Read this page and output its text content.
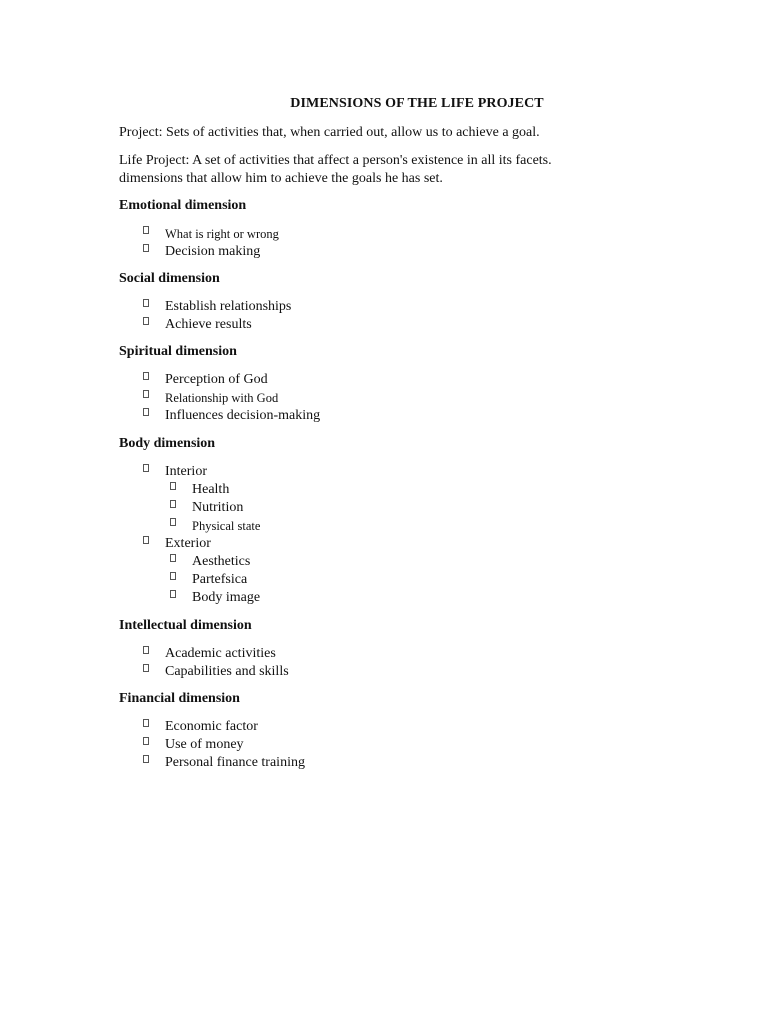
DIMENSIONS OF THE LIFE PROJECT
Project: Sets of activities that, when carried out, allow us to achieve a goal.
Life Project: A set of activities that affect a person's existence in all its facets.
dimensions that allow him to achieve the goals he has set.
Emotional dimension
What is right or wrong
Decision making
Social dimension
Establish relationships
Achieve results
Spiritual dimension
Perception of God
Relationship with God
Influences decision-making
Body dimension
Interior
Health
Nutrition
Physical state
Exterior
Aesthetics
Partefsica
Body image
Intellectual dimension
Academic activities
Capabilities and skills
Financial dimension
Economic factor
Use of money
Personal finance training
